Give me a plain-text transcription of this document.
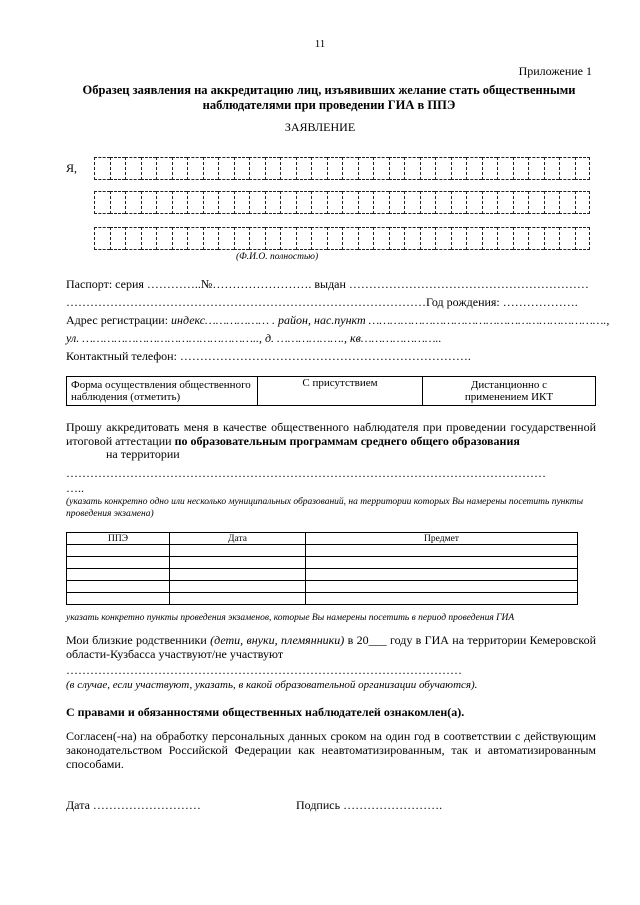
11
Приложение 1
Образец заявления на аккредитацию лиц, изъявивших желание стать общественными наблюдателями при проведении ГИА в ППЭ
ЗАЯВЛЕНИЕ
Я,
(Ф.И.О. полностью)
Паспорт: серия …………..№……………………. выдан ……………………………………………………
………………………………………………………………………………Год рождения: ……………….
Адрес регистрации: индекс……………… . район, нас.пункт ………………………………………………………….,
ул. ………………………………………….., д. ………………., кв…………………..
Контактный телефон: ……………………………………………………………….
Форма осуществления общественного наблюдения (отметить)	С присутствием	Дистанционно с применением ИКТ
Прошу аккредитовать меня в качестве общественного наблюдателя при проведении государственной итоговой аттестации по образовательным программам среднего общего образования
на территории
…………………………………………………………………………………………………………
…..
(указать конкретно одно или несколько муниципальных образований, на территории которых Вы намерены посетить пункты проведения экзамена)
ППЭ	Дата	Предмет

указать конкретно пункты проведения экзаменов, которые Вы намерены посетить в период проведения ГИА
Мои близкие родственники (дети, внуки, племянники) в 20___ году в ГИА на территории Кемеровской области-Кузбасса участвуют/не участвуют
………………………………………………………………………………………
(в случае, если участвуют, указать, в какой образовательной организации обучаются).
С правами и обязанностями общественных наблюдателей ознакомлен(а).
Согласен(-на) на обработку персональных данных сроком на один год в соответствии с действующим законодательством Российской Федерации как неавтоматизированным, так и автоматизированным способами.
Дата ………………………	Подпись …………………….
